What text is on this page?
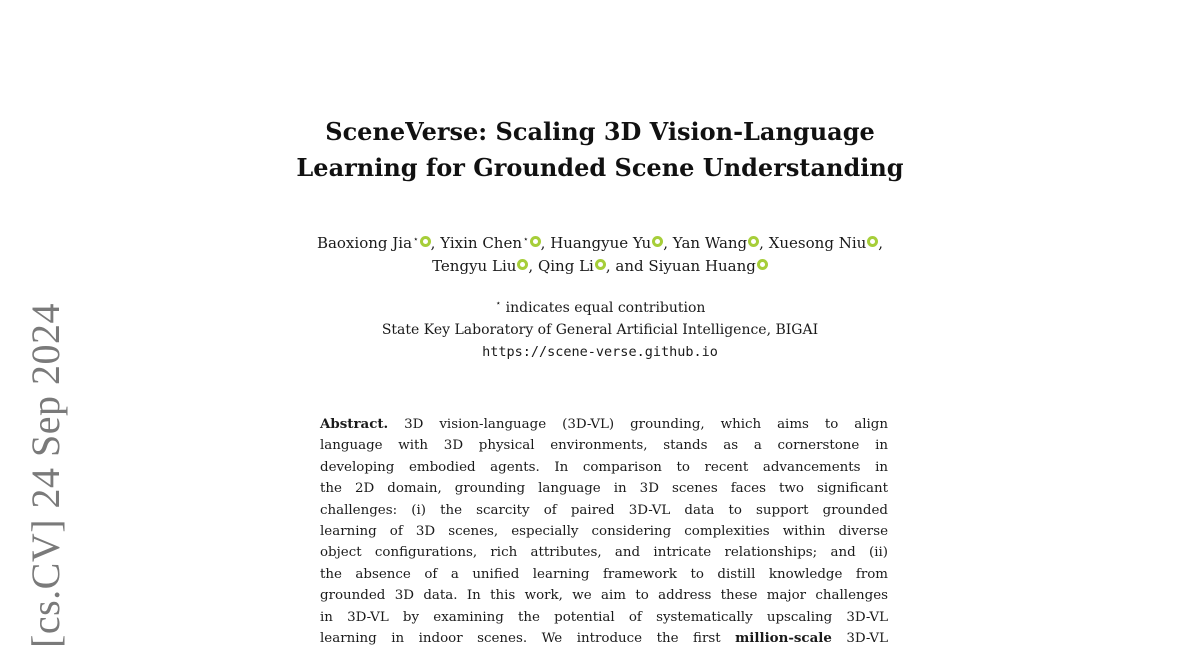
[cs.CV] 24 Sep 2024
SceneVerse: Scaling 3D Vision-Language
Learning for Grounded Scene Understanding
Baoxiong Jia⋆ , Yixin Chen⋆ , Huangyue Yu , Yan Wang , Xuesong Niu ,
Tengyu Liu , Qing Li , and Siyuan Huang
⋆ indicates equal contribution
State Key Laboratory of General Artificial Intelligence, BIGAI
https://scene-verse.github.io
Abstract. 3D vision-language (3D-VL) grounding, which aims to align
language with 3D physical environments, stands as a cornerstone in
developing embodied agents. In comparison to recent advancements in
the 2D domain, grounding language in 3D scenes faces two significant
challenges: (i) the scarcity of paired 3D-VL data to support grounded
learning of 3D scenes, especially considering complexities within diverse
object configurations, rich attributes, and intricate relationships; and (ii)
the absence of a unified learning framework to distill knowledge from
grounded 3D data. In this work, we aim to address these major challenges
in 3D-VL by examining the potential of systematically upscaling 3D-VL
learning in indoor scenes. We introduce the first million-scale 3D-VL
